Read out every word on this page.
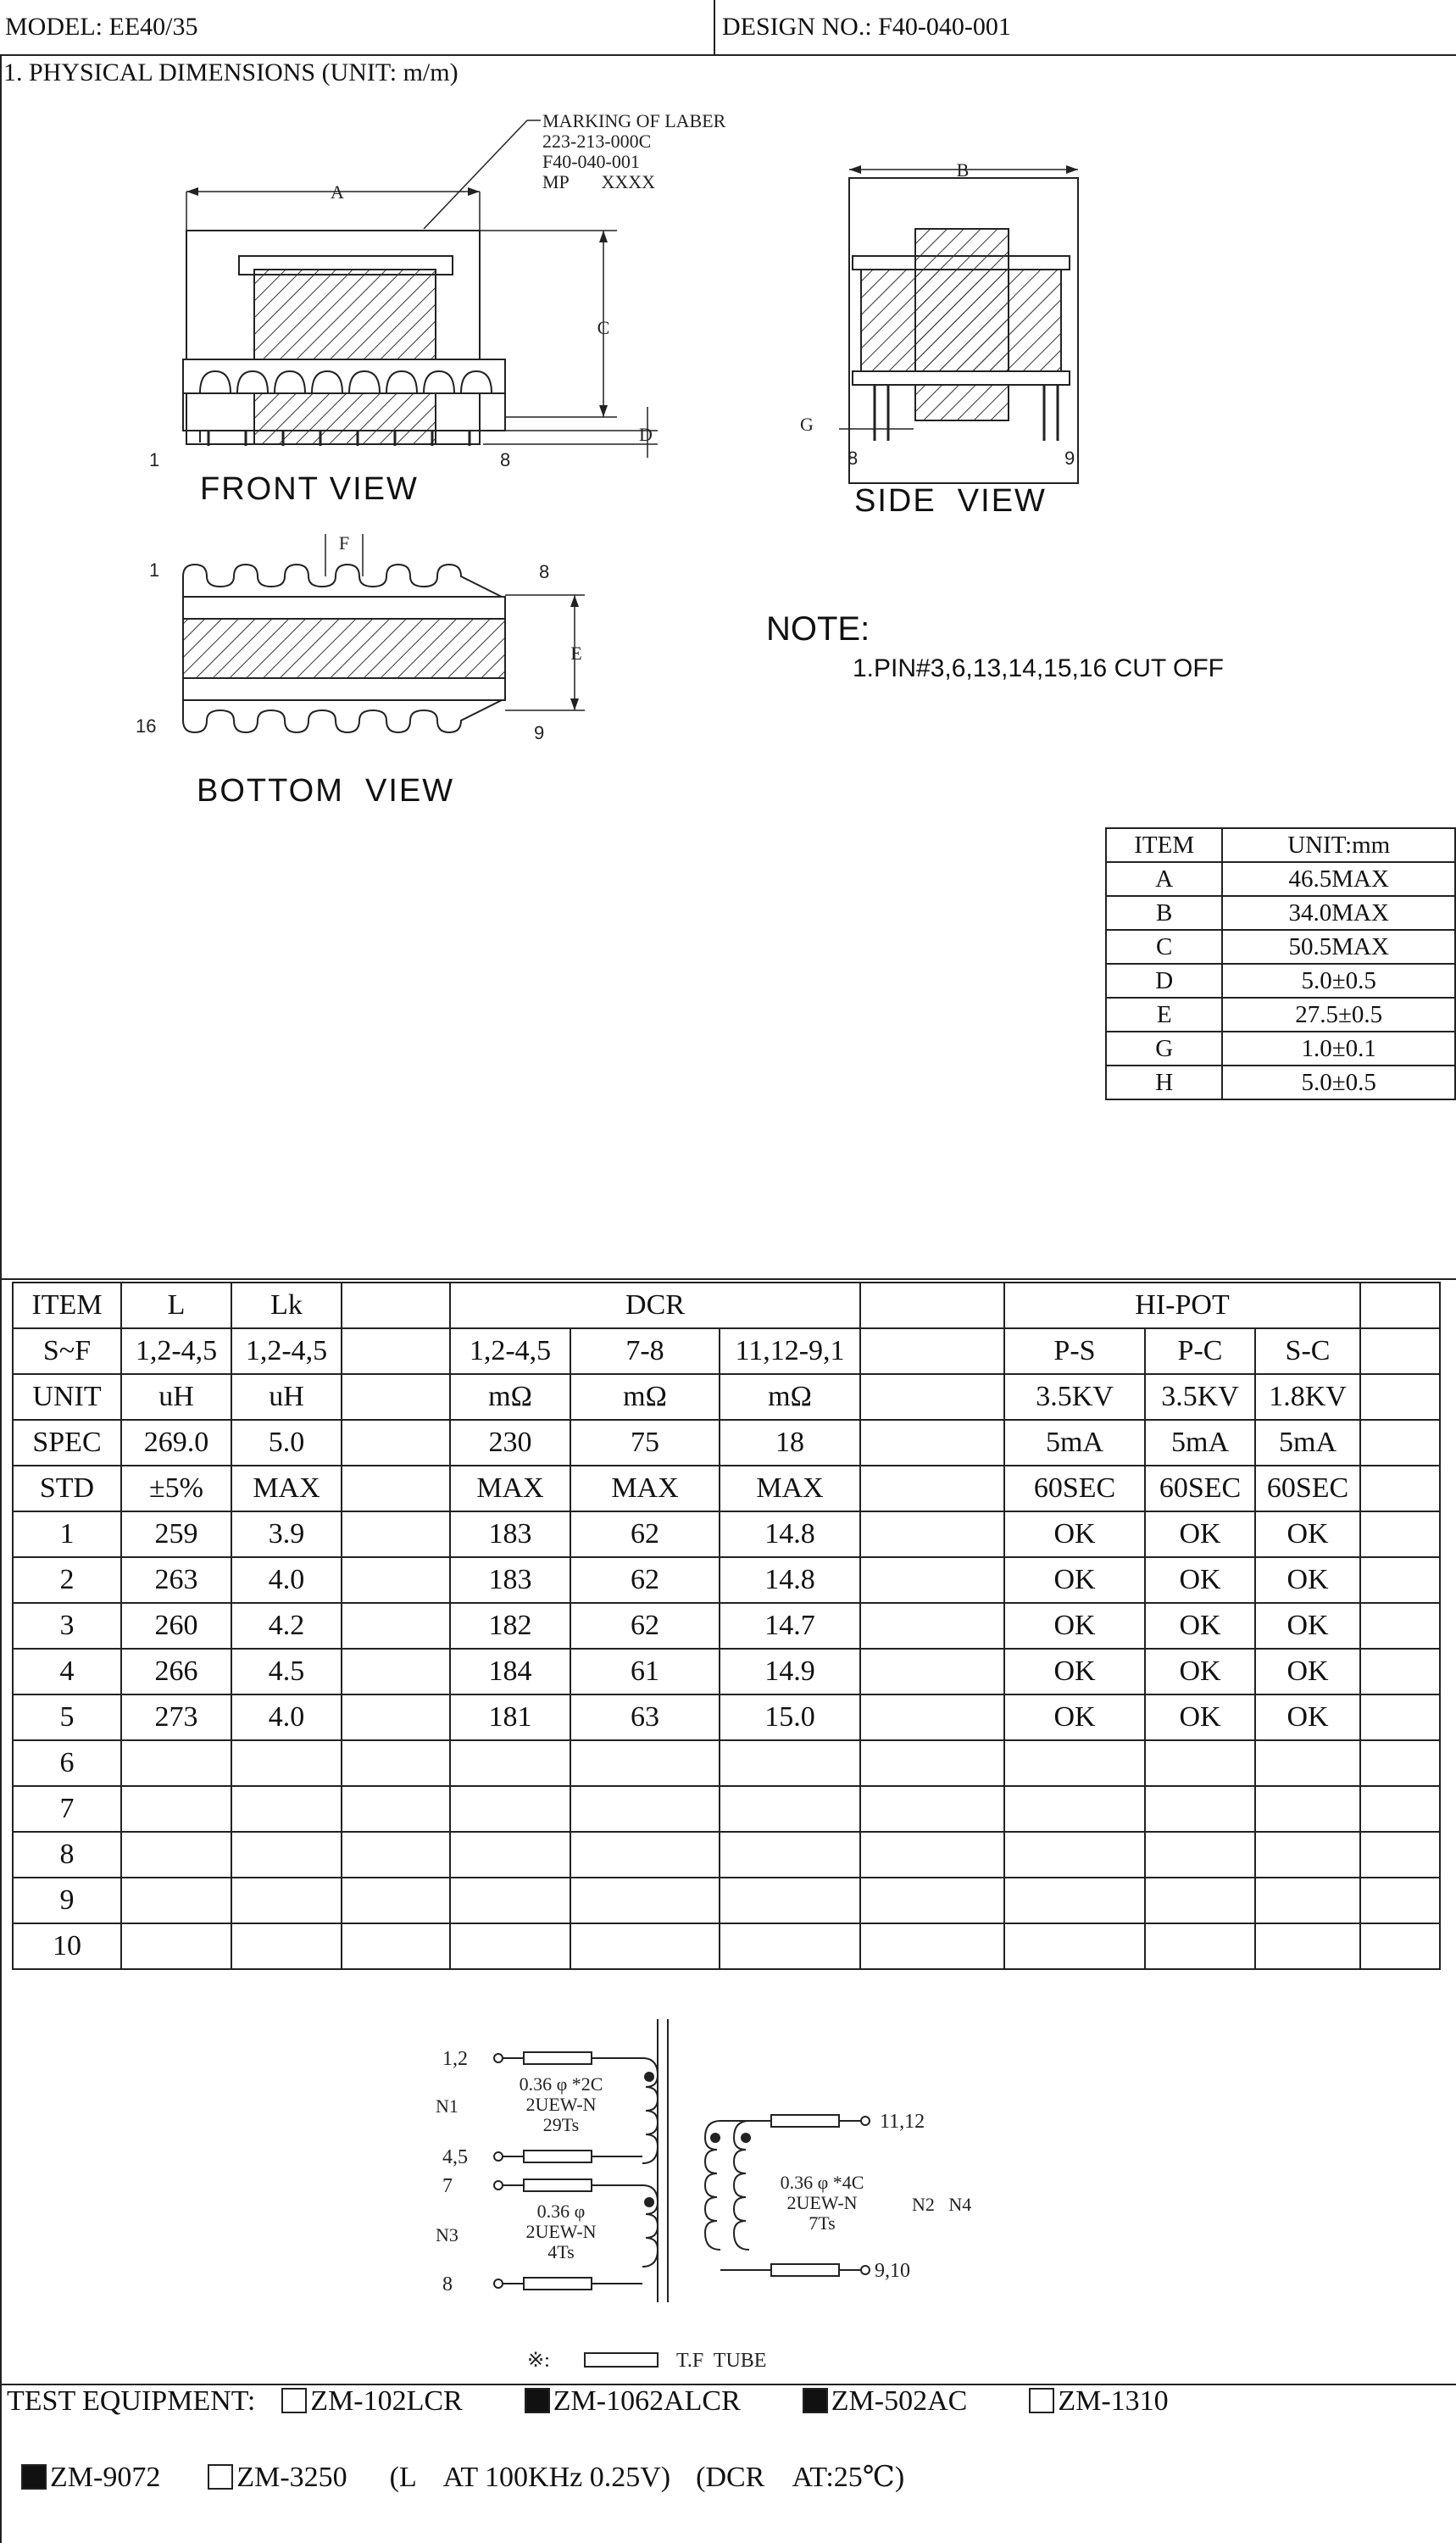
MODEL: EE40/35	DESIGN NO.: F40-040-001
1. PHYSICAL DIMENSIONS (UNIT: m/m)
A
C
D
MARKING OF LABER
223-213-000C
F40-040-001
MP       XXXX
1	8
B
G
8	9
F
E
1	8
16	9
FRONT VIEW	SIDE  VIEW
BOTTOM  VIEW
NOTE:
1.PIN#3,6,13,14,15,16 CUT OFF
ITEM	UNIT:mm
A	46.5MAX
B	34.0MAX
C	50.5MAX
D	5.0±0.5
E	27.5±0.5
G	1.0±0.1
H	5.0±0.5
ITEM	L	Lk		DCR				HI-POT			
S~F	1,2-4,5	1,2-4,5		1,2-4,5	7-8	11,12-9,1		P-S	P-C	S-C	
UNIT	uH	uH		mΩ	mΩ	mΩ		3.5KV	3.5KV	1.8KV	
SPEC	269.0	5.0		230	75	18		5mA	5mA	5mA	
STD	±5%	MAX		MAX	MAX	MAX		60SEC	60SEC	60SEC	
1	259	3.9		183	62	14.8		OK	OK	OK	
2	263	4.0		183	62	14.8		OK	OK	OK	
3	260	4.2		182	62	14.7		OK	OK	OK	
4	266	4.5		184	61	14.9		OK	OK	OK	
5	273	4.0		181	63	15.0		OK	OK	OK	
6											
7											
8											
9											
10											
1,2
4,5
7
8
11,12
9,10
N1
N3
N2   N4
0.36 φ *2C
2UEW-N
29Ts
0.36 φ
2UEW-N
4Ts
0.36 φ *4C
2UEW-N
7Ts
※:	T.F  TUBE
TEST EQUIPMENT: ZM-102LCR	ZM-1062ALCR	ZM-502AC	ZM-1310

ZM-9072	ZM-3250 (L    AT 100KHz 0.25V) (DCR    AT:25℃)
